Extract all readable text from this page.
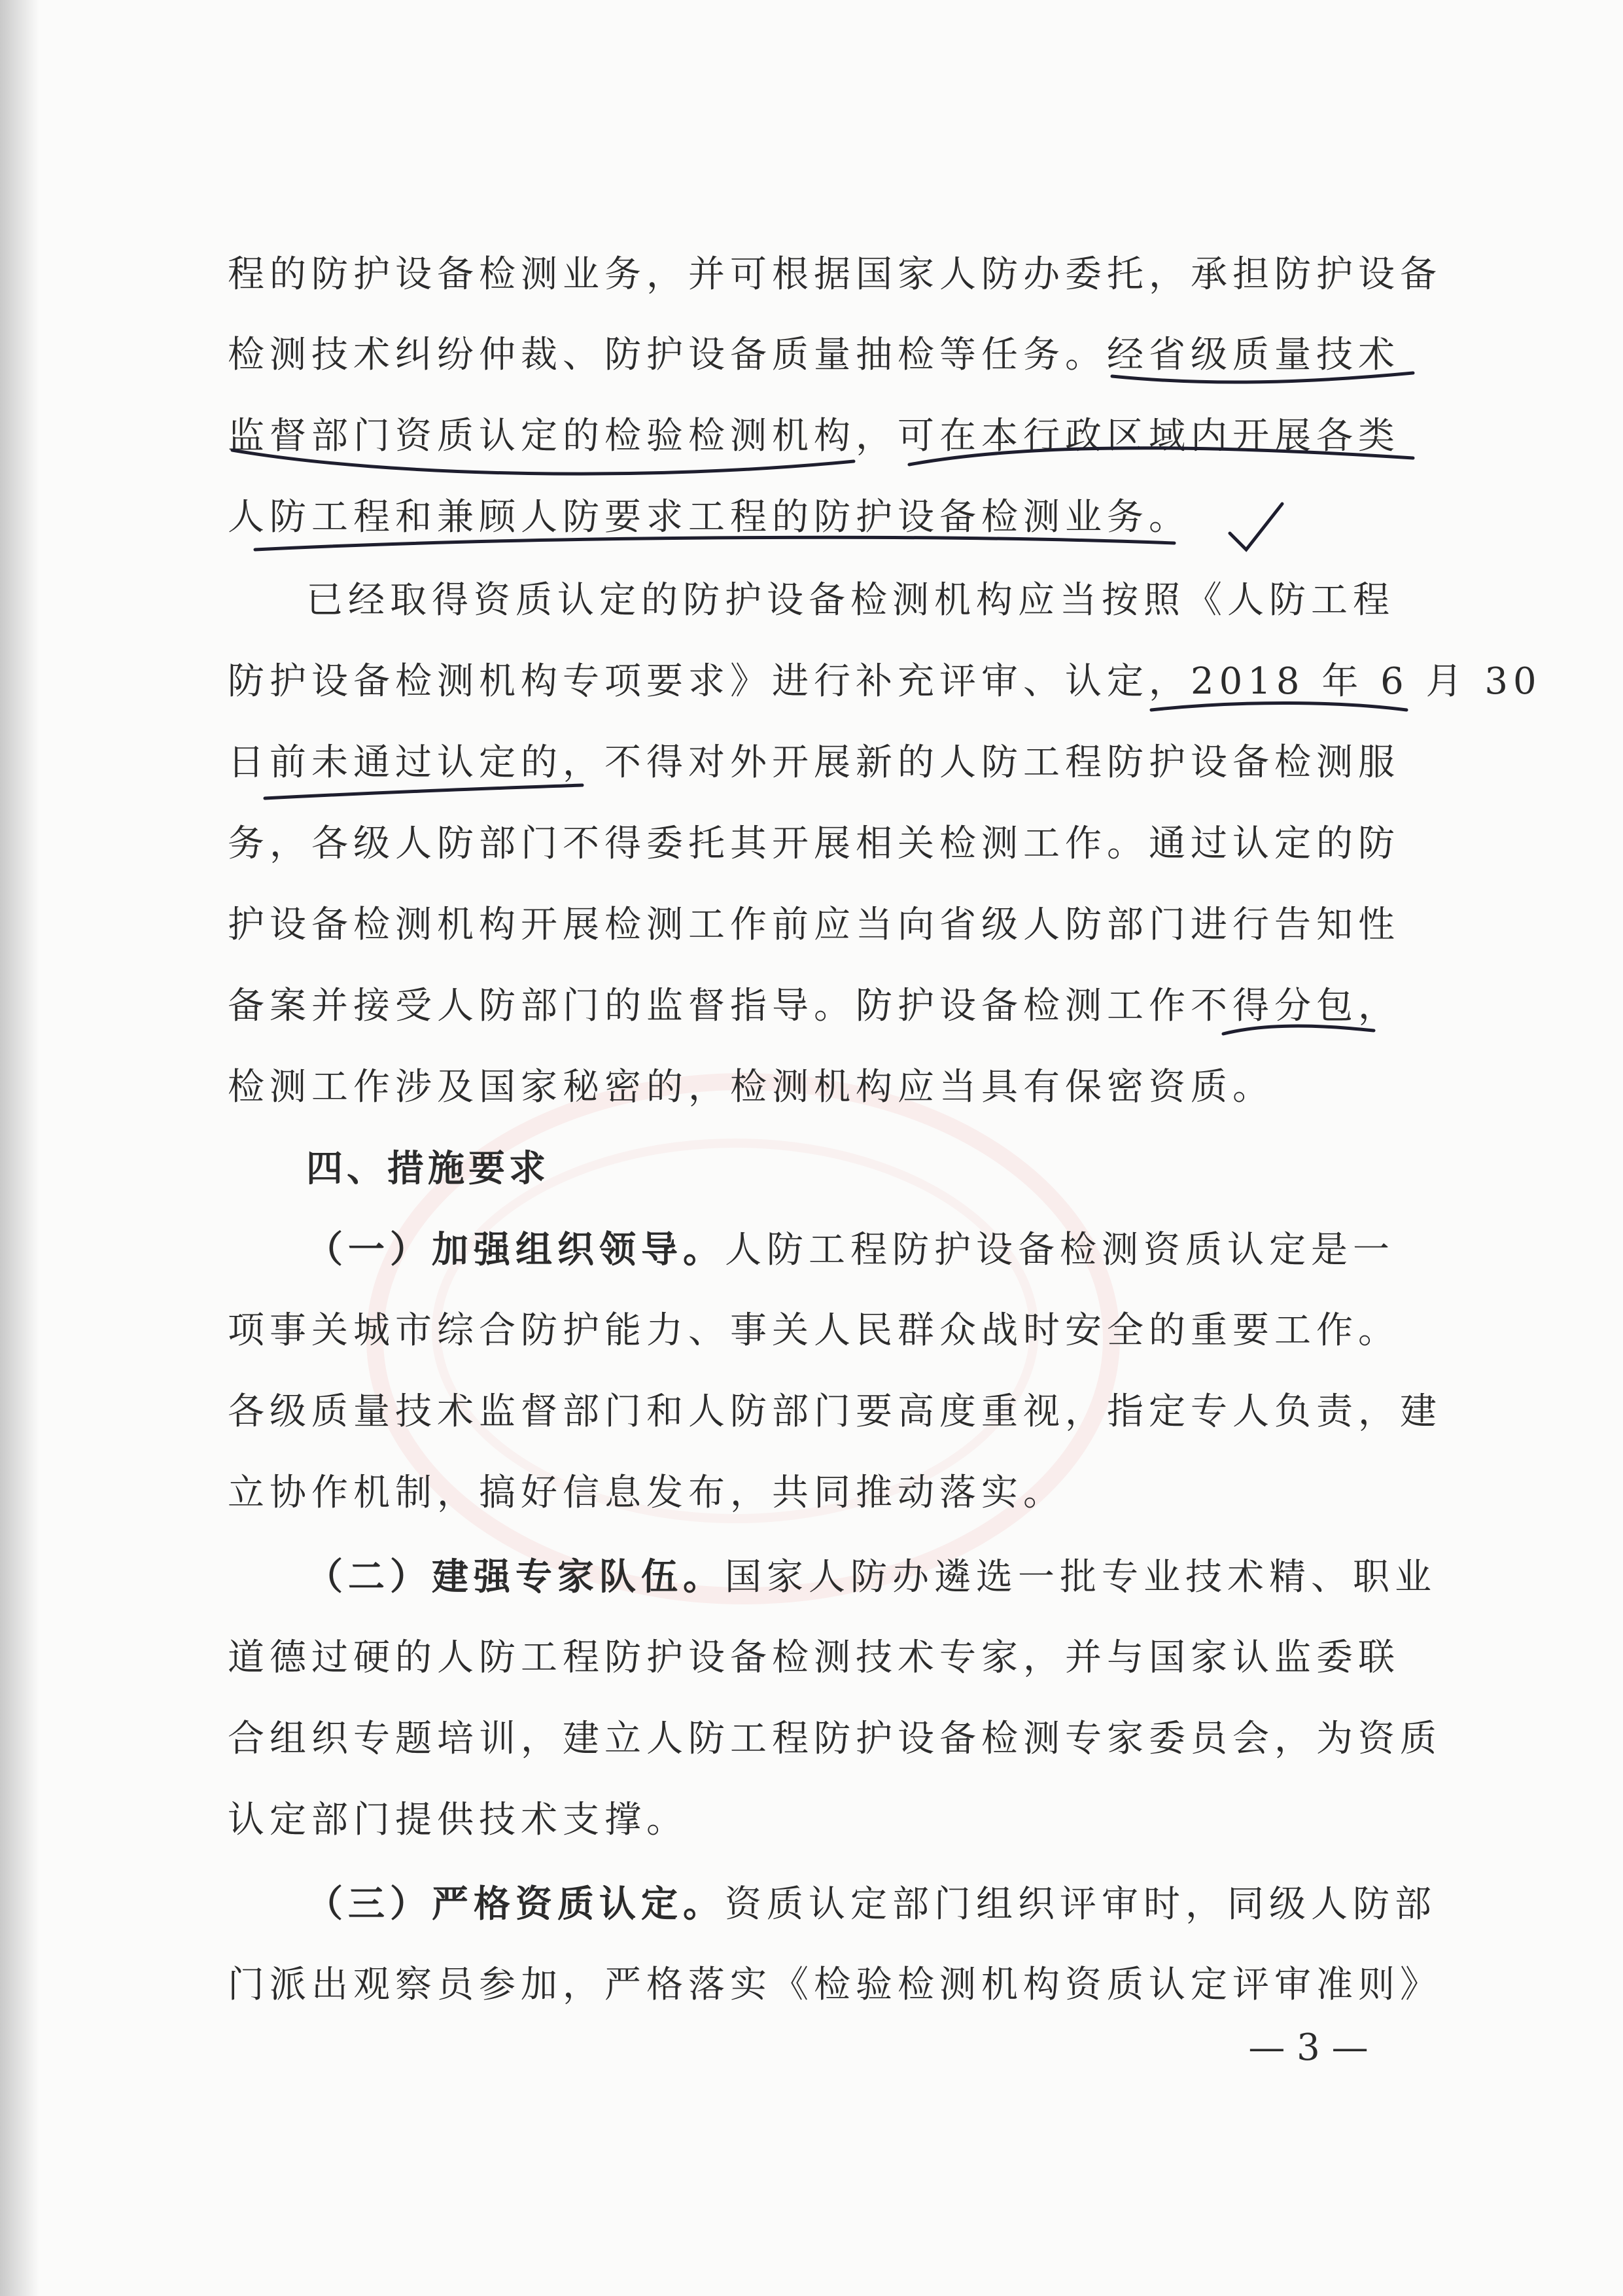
程的防护设备检测业务，并可根据国家人防办委托，承担防护设备
检测技术纠纷仲裁、防护设备质量抽检等任务。经省级质量技术
监督部门资质认定的检验检测机构，可在本行政区域内开展各类
人防工程和兼顾人防要求工程的防护设备检测业务。
已经取得资质认定的防护设备检测机构应当按照《人防工程
防护设备检测机构专项要求》进行补充评审、认定，2018 年 6 月 30
日前未通过认定的，不得对外开展新的人防工程防护设备检测服
务，各级人防部门不得委托其开展相关检测工作。通过认定的防
护设备检测机构开展检测工作前应当向省级人防部门进行告知性
备案并接受人防部门的监督指导。防护设备检测工作不得分包，
检测工作涉及国家秘密的，检测机构应当具有保密资质。
四、措施要求
（一）加强组织领导。人防工程防护设备检测资质认定是一
项事关城市综合防护能力、事关人民群众战时安全的重要工作。
各级质量技术监督部门和人防部门要高度重视，指定专人负责，建
立协作机制，搞好信息发布，共同推动落实。
（二）建强专家队伍。国家人防办遴选一批专业技术精、职业
道德过硬的人防工程防护设备检测技术专家，并与国家认监委联
合组织专题培训，建立人防工程防护设备检测专家委员会，为资质
认定部门提供技术支撑。
（三）严格资质认定。资质认定部门组织评审时，同级人防部
门派出观察员参加，严格落实《检验检测机构资质认定评审准则》
— 3 —
